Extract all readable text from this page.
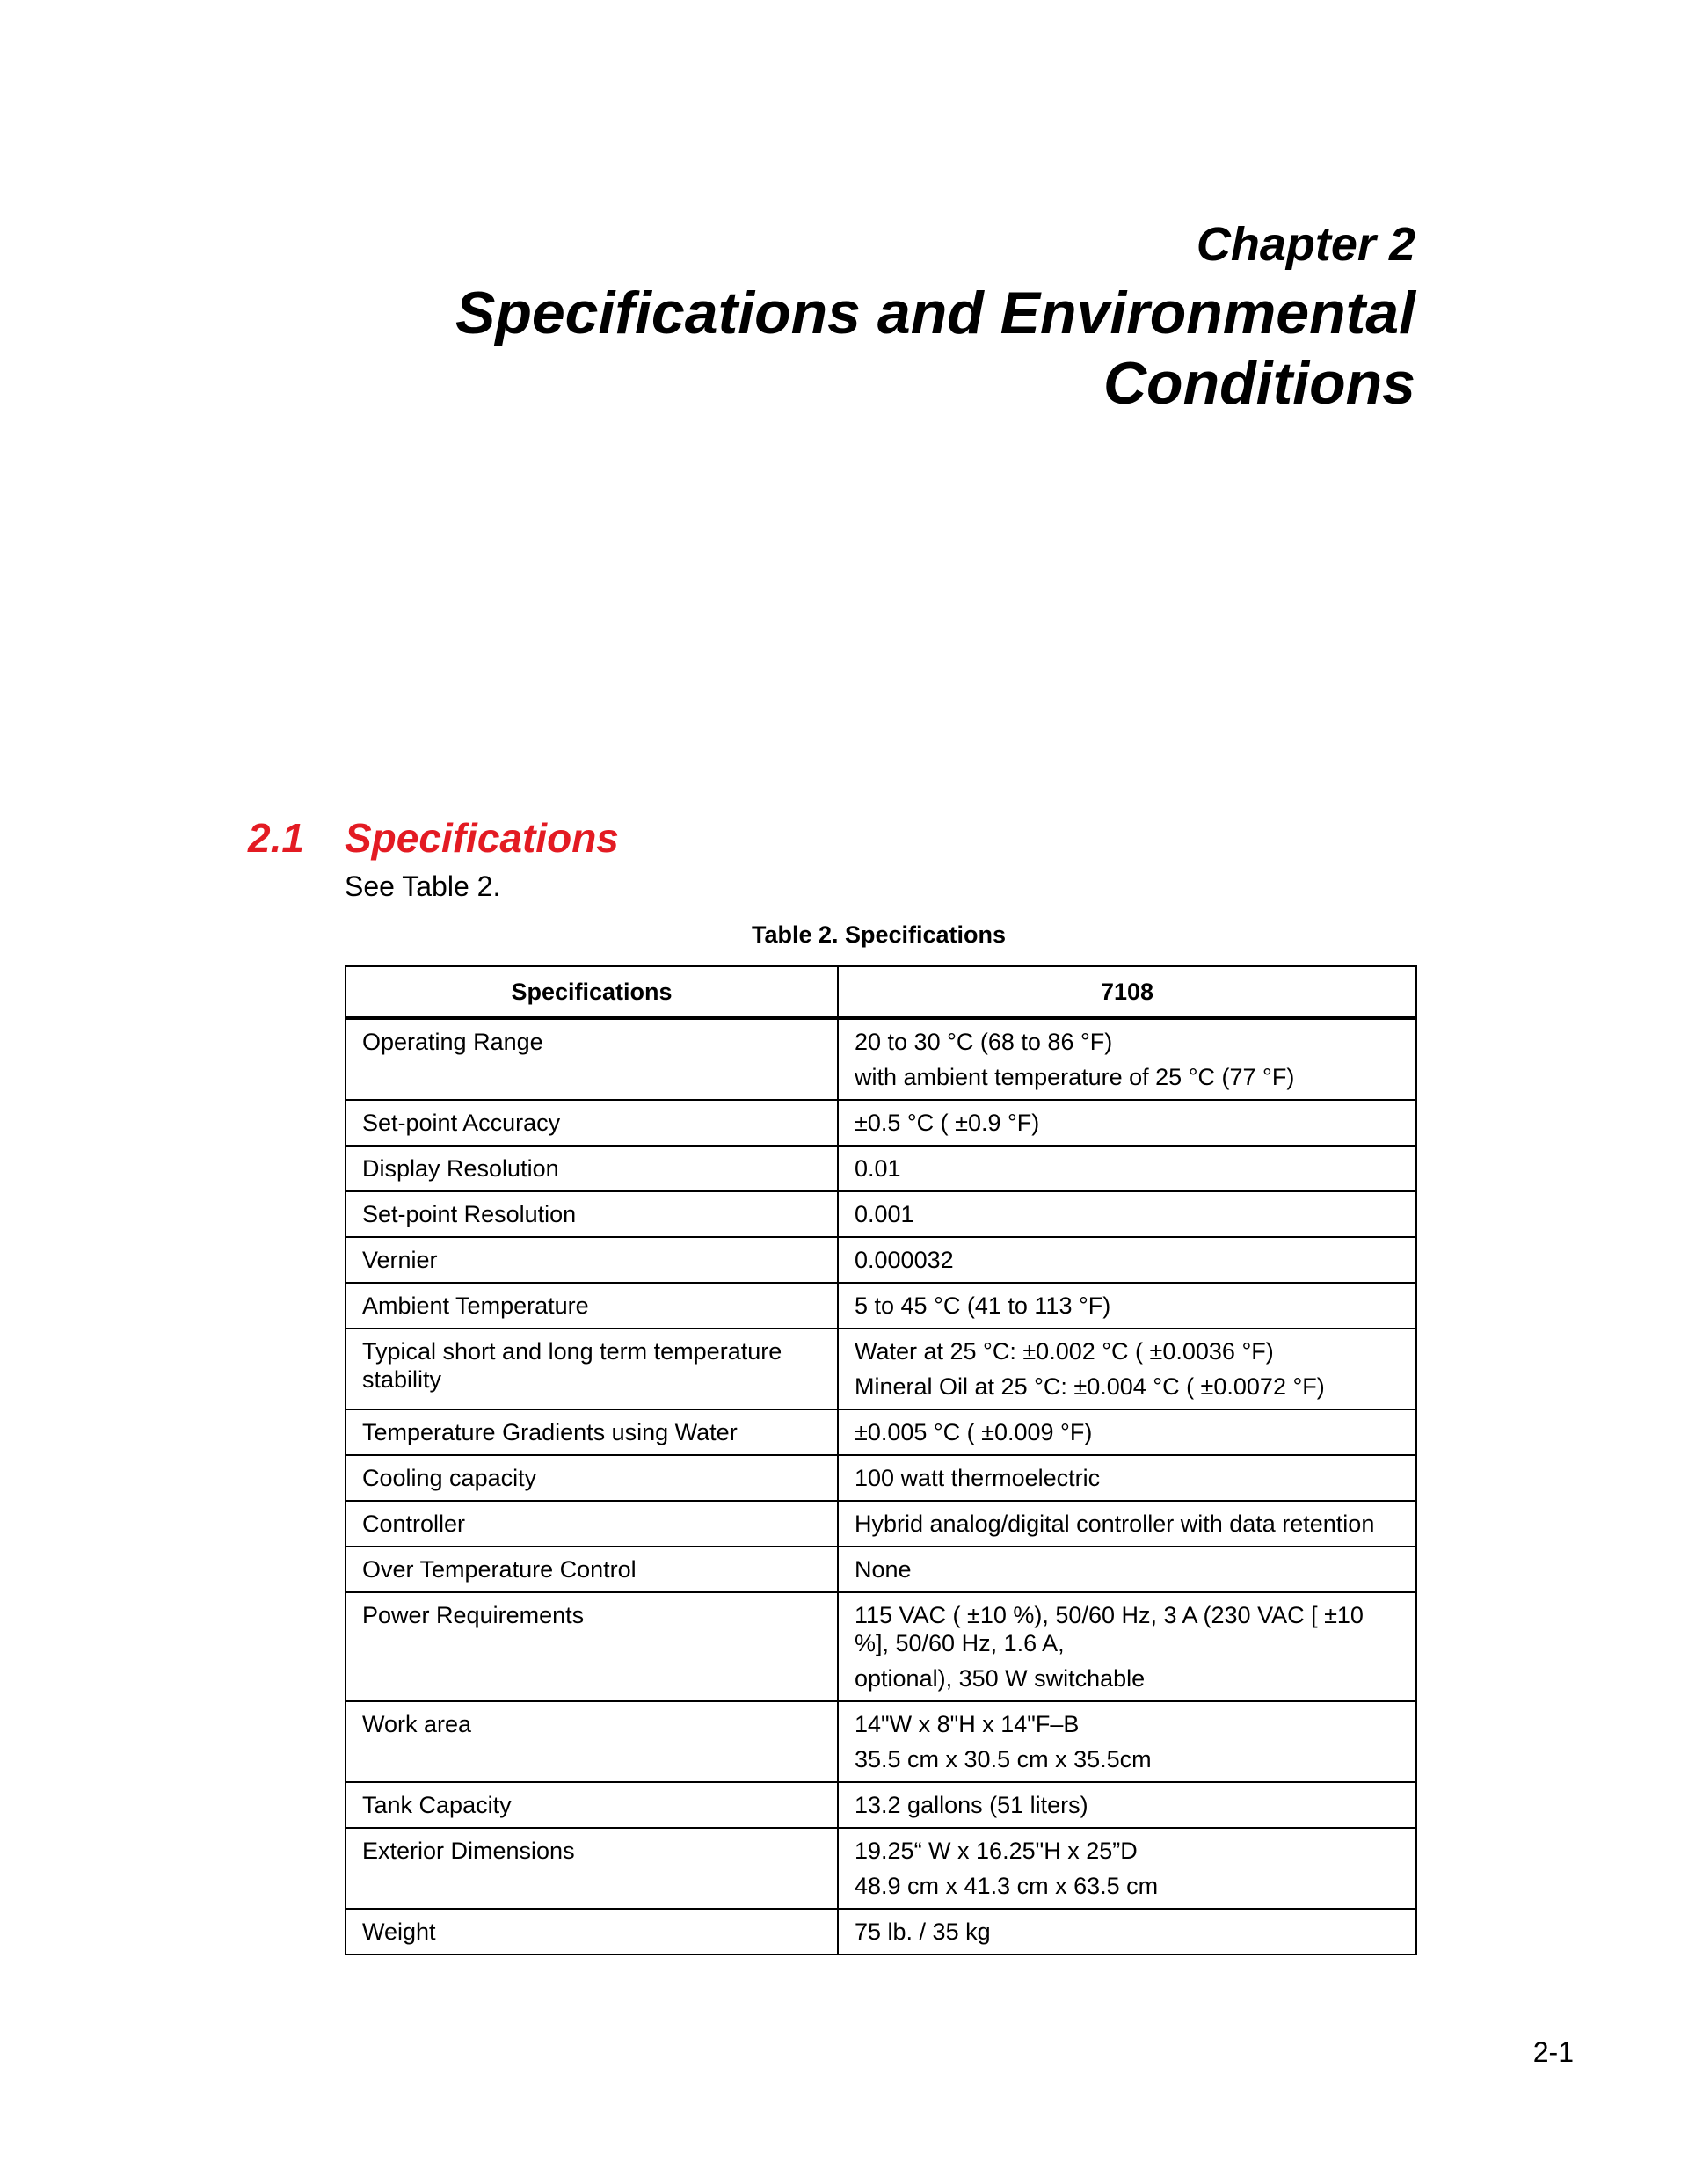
Chapter 2
Specifications and Environmental Conditions
2.1 Specifications
See Table 2.
Table 2. Specifications
Specifications	7108
Operating Range	20 to 30 °C (68 to 86 °F)
with ambient temperature of 25 °C (77 °F)

Set-point Accuracy	±0.5 °C ( ±0.9 °F)

Display Resolution	0.01

Set-point Resolution	0.001

Vernier	0.000032

Ambient Temperature	5 to 45 °C (41 to 113 °F)

Typical short and long term temperature stability	Water at 25 °C: ±0.002 °C ( ±0.0036 °F)
Mineral Oil at 25 °C: ±0.004 °C ( ±0.0072 °F)

Temperature Gradients using Water	±0.005 °C ( ±0.009 °F)

Cooling capacity	100 watt thermoelectric

Controller	Hybrid analog/digital controller with data retention

Over Temperature Control	None

Power Requirements	115 VAC ( ±10 %), 50/60 Hz, 3 A (230 VAC [ ±10 %], 50/60 Hz, 1.6 A,
optional), 350 W switchable

Work area	14"W x 8"H x 14"F–B
35.5 cm x 30.5 cm x 35.5cm

Tank Capacity	13.2 gallons (51 liters)

Exterior Dimensions	19.25“ W x 16.25"H x 25”D
48.9 cm x 41.3 cm x 63.5 cm

Weight	75 lb. / 35 kg
2-1
